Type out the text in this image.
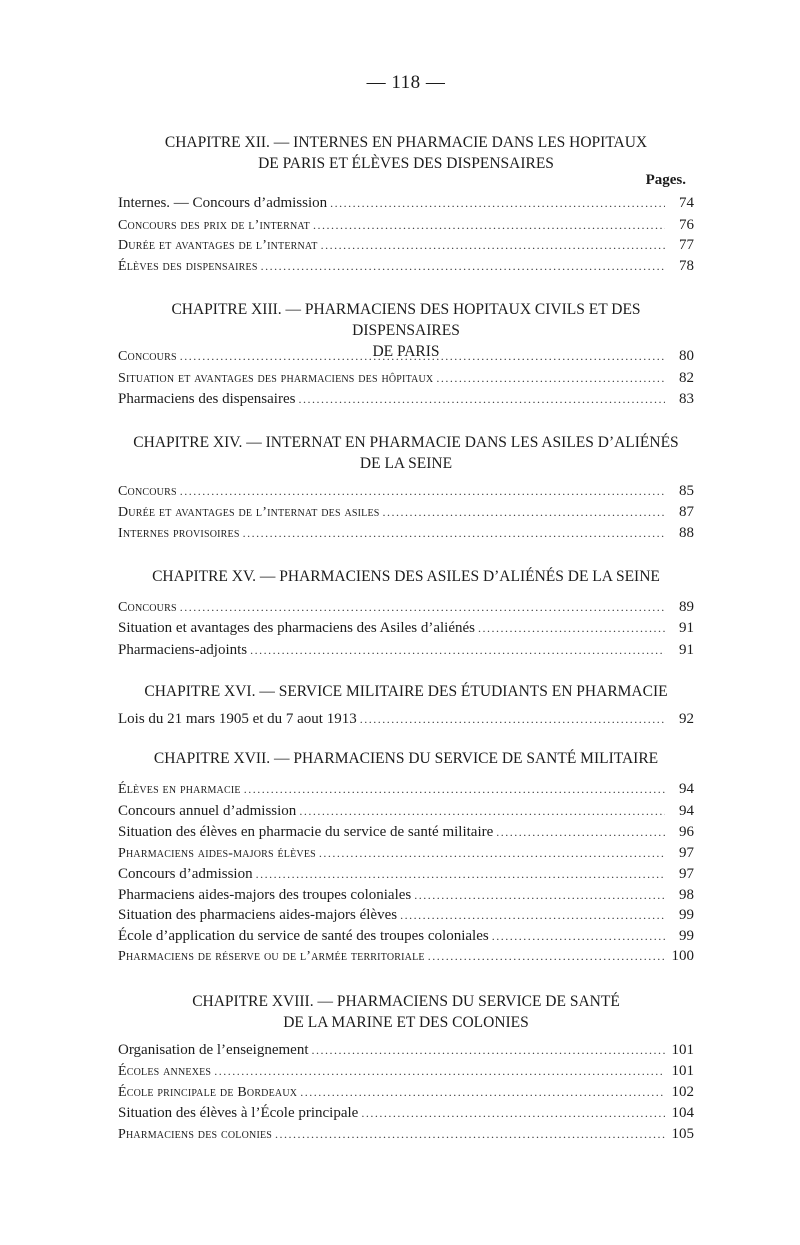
— 118 —
CHAPITRE XII. — INTERNES EN PHARMACIE DANS LES HOPITAUX
DE PARIS ET ÉLÈVES DES DISPENSAIRES
Pages.
Internes. — Concours d’admission .....	74
Concours des prix de l’internat .....	76
Durée et avantages de l’internat .....	77
Élèves des dispensaires .....	78
CHAPITRE XIII. — PHARMACIENS DES HOPITAUX CIVILS ET DES DISPENSAIRES
DE PARIS
Concours .....	80
Situation et avantages des pharmaciens des hôpitaux .....	82
Pharmaciens des dispensaires .....	83
CHAPITRE XIV. — INTERNAT EN PHARMACIE DANS LES ASILES D’ALIÉNÉS
DE LA SEINE
Concours .....	85
Durée et avantages de l’internat des asiles .....	87
Internes provisoires .....	88
CHAPITRE XV. — PHARMACIENS DES ASILES D’ALIÉNÉS DE LA SEINE
Concours .....	89
Situation et avantages des pharmaciens des Asiles d’aliénés .....	91
Pharmaciens-adjoints .....	91
CHAPITRE XVI. — SERVICE MILITAIRE DES ÉTUDIANTS EN PHARMACIE
Lois du 21 mars 1905 et du 7 aout 1913 .....	92
CHAPITRE XVII. — PHARMACIENS DU SERVICE DE SANTÉ MILITAIRE
Élèves en pharmacie .....	94
Concours annuel d’admission .....	94
Situation des élèves en pharmacie du service de santé militaire .....	96
Pharmaciens aides-majors élèves .....	97
Concours d’admission .....	97
Pharmaciens aides-majors des troupes coloniales .....	98
Situation des pharmaciens aides-majors élèves .....	99
École d’application du service de santé des troupes coloniales .....	99
Pharmaciens de réserve ou de l’armée territoriale .....	100
CHAPITRE XVIII. — PHARMACIENS DU SERVICE DE SANTÉ
DE LA MARINE ET DES COLONIES
Organisation de l’enseignement .....	101
Écoles annexes .....	101
École principale de Bordeaux .....	102
Situation des élèves à l’École principale .....	104
Pharmaciens des colonies .....	105
